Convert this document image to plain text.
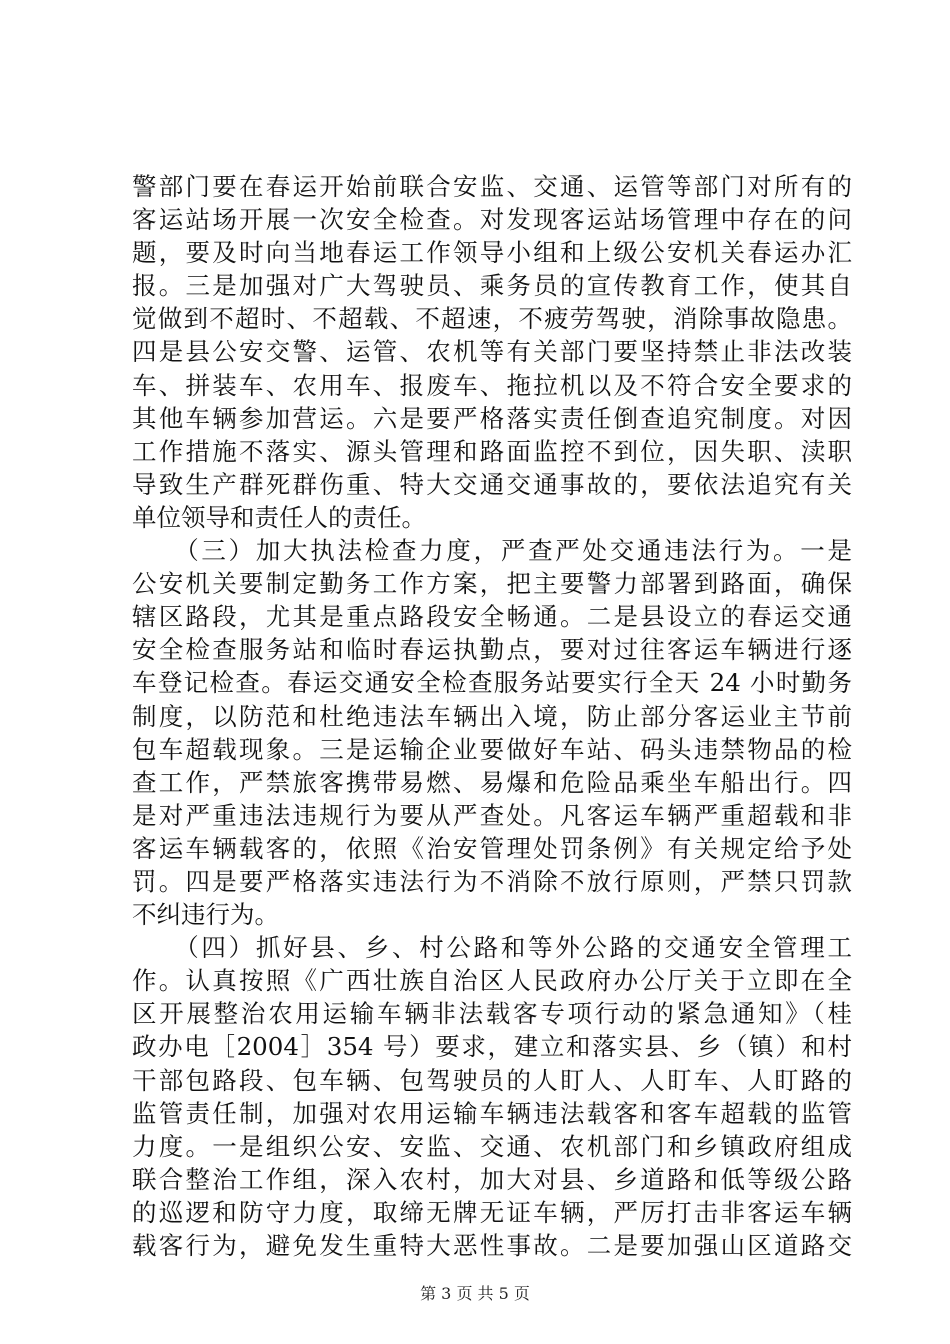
警部门要在春运开始前联合安监、交通、运管等部门对所有的
客运站场开展一次安全检查。对发现客运站场管理中存在的问
题，要及时向当地春运工作领导小组和上级公安机关春运办汇
报。三是加强对广大驾驶员、乘务员的宣传教育工作，使其自
觉做到不超时、不超载、不超速，不疲劳驾驶，消除事故隐患。
四是县公安交警、运管、农机等有关部门要坚持禁止非法改装
车、拼装车、农用车、报废车、拖拉机以及不符合安全要求的
其他车辆参加营运。六是要严格落实责任倒查追究制度。对因
工作措施不落实、源头管理和路面监控不到位，因失职、渎职
导致生产群死群伤重、特大交通交通事故的，要依法追究有关
单位领导和责任人的责任。
　　（三）加大执法检查力度，严查严处交通违法行为。一是
公安机关要制定勤务工作方案，把主要警力部署到路面，确保
辖区路段，尤其是重点路段安全畅通。二是县设立的春运交通
安全检查服务站和临时春运执勤点，要对过往客运车辆进行逐
车登记检查。春运交通安全检查服务站要实行全天 24 小时勤务
制度，以防范和杜绝违法车辆出入境，防止部分客运业主节前
包车超载现象。三是运输企业要做好车站、码头违禁物品的检
查工作，严禁旅客携带易燃、易爆和危险品乘坐车船出行。四
是对严重违法违规行为要从严查处。凡客运车辆严重超载和非
客运车辆载客的，依照《治安管理处罚条例》有关规定给予处
罚。四是要严格落实违法行为不消除不放行原则，严禁只罚款
不纠违行为。
　　（四）抓好县、乡、村公路和等外公路的交通安全管理工
作。认真按照《广西壮族自治区人民政府办公厅关于立即在全
区开展整治农用运输车辆非法载客专项行动的紧急通知》（桂
政办电［2004］354 号）要求，建立和落实县、乡（镇）和村
干部包路段、包车辆、包驾驶员的人盯人、人盯车、人盯路的
监管责任制，加强对农用运输车辆违法载客和客车超载的监管
力度。一是组织公安、安监、交通、农机部门和乡镇政府组成
联合整治工作组，深入农村，加大对县、乡道路和低等级公路
的巡逻和防守力度，取缔无牌无证车辆，严厉打击非客运车辆
载客行为，避免发生重特大恶性事故。二是要加强山区道路交
第 3 页 共 5 页
